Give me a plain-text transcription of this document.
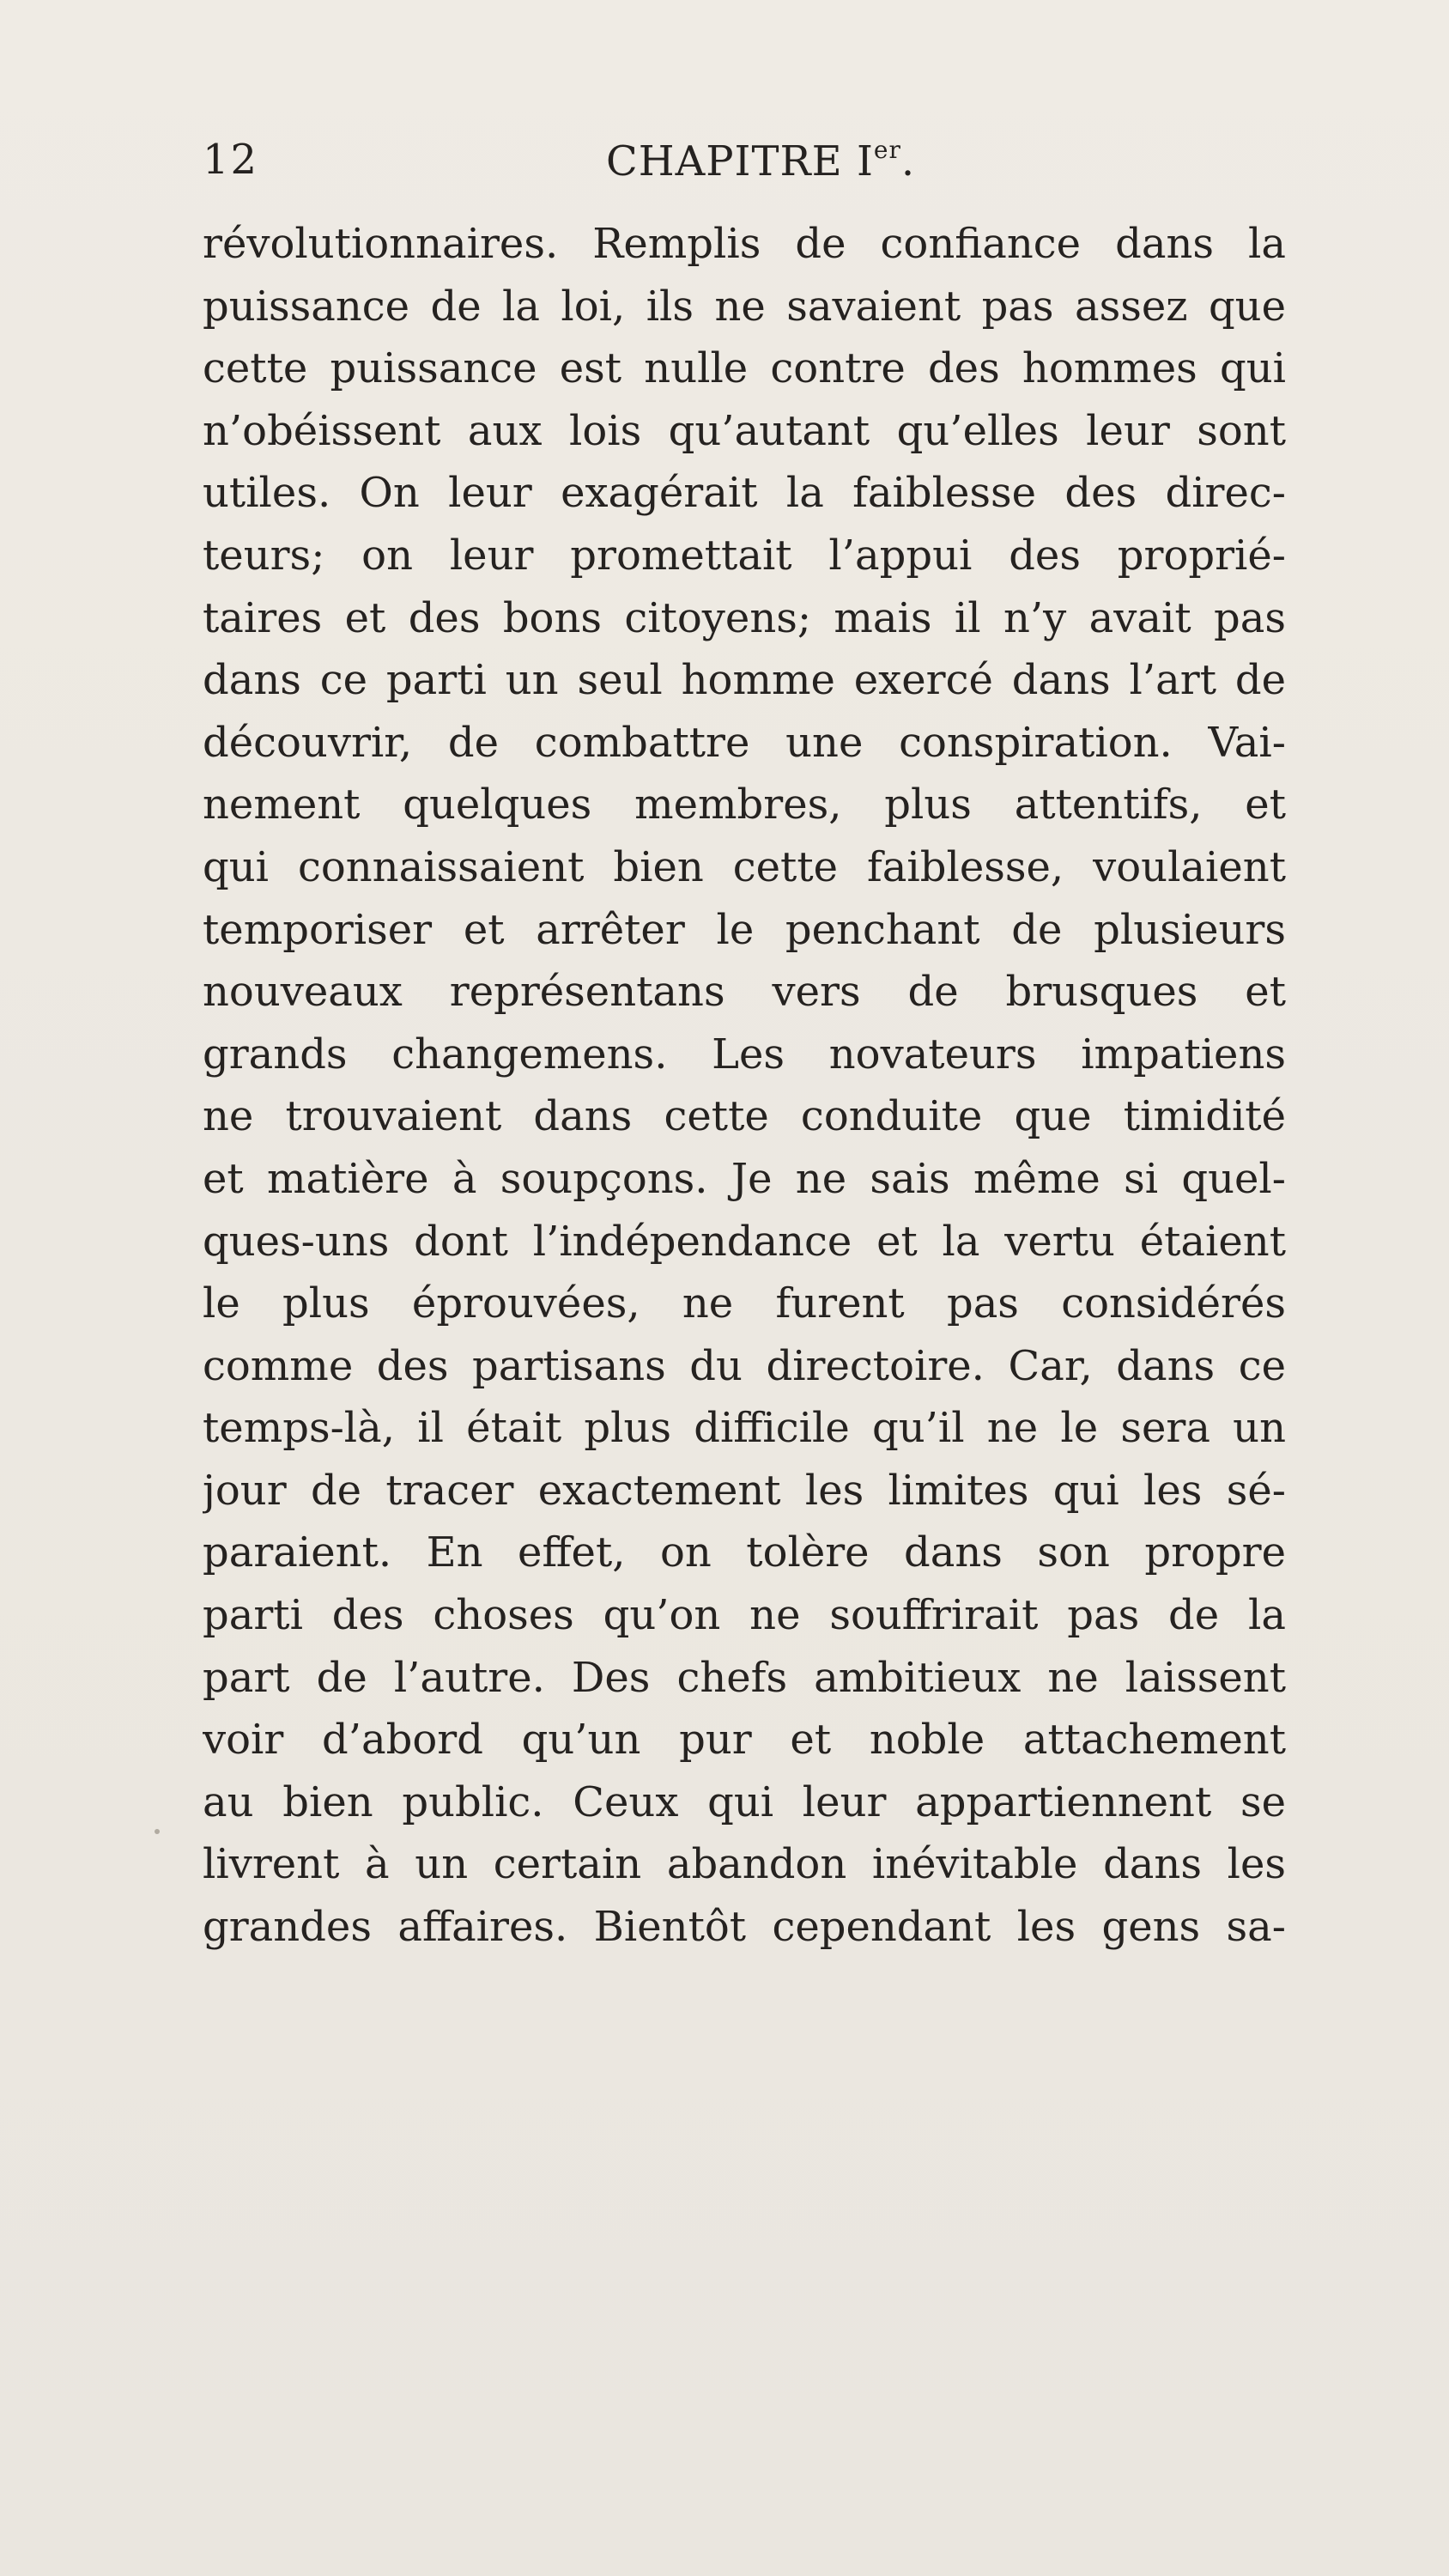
12	CHAPITRE Ier.
révolutionnaires. Remplis de confiance dans la
puissance de la loi, ils ne savaient pas assez que
cette puissance est nulle contre des hommes qui
n’obéissent aux lois qu’autant qu’elles leur sont
utiles. On leur exagérait la faiblesse des direc-
teurs; on leur promettait l’appui des proprié-
taires et des bons citoyens; mais il n’y avait pas
dans ce parti un seul homme exercé dans l’art de
découvrir, de combattre une conspiration. Vai-
nement quelques membres, plus attentifs, et
qui connaissaient bien cette faiblesse, voulaient
temporiser et arrêter le penchant de plusieurs
nouveaux représentans vers de brusques et
grands changemens. Les novateurs impatiens
ne trouvaient dans cette conduite que timidité
et matière à soupçons. Je ne sais même si quel-
ques-uns dont l’indépendance et la vertu étaient
le plus éprouvées, ne furent pas considérés
comme des partisans du directoire. Car, dans ce
temps-là, il était plus difficile qu’il ne le sera un
jour de tracer exactement les limites qui les sé-
paraient. En effet, on tolère dans son propre
parti des choses qu’on ne souffrirait pas de la
part de l’autre. Des chefs ambitieux ne laissent
voir d’abord qu’un pur et noble attachement
au bien public. Ceux qui leur appartiennent se
livrent à un certain abandon inévitable dans les
grandes affaires. Bientôt cependant les gens sa-
